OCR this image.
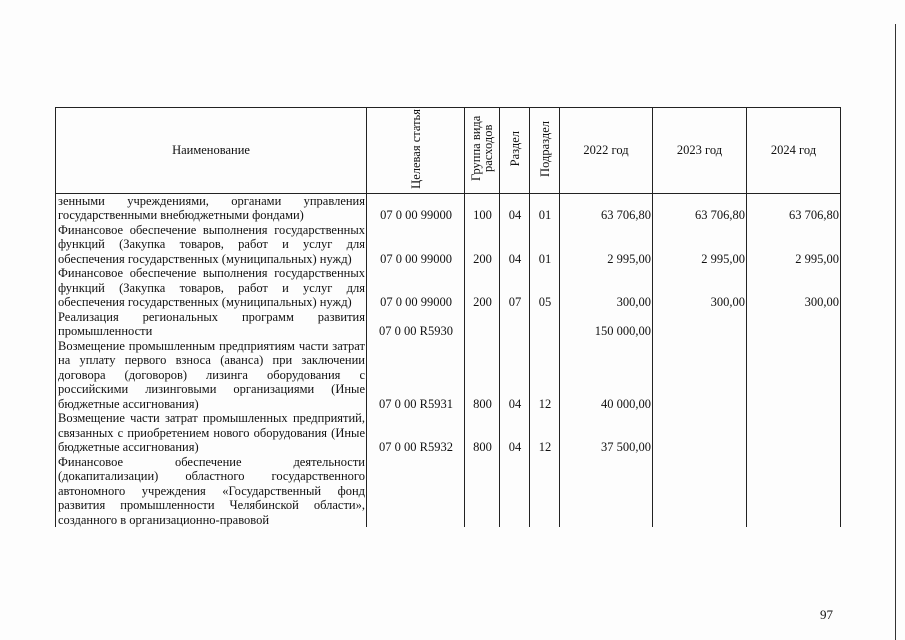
Наименование	Целевая статья	Группа вида расходов	Раздел	Подраздел	2022 год	2023 год	2024 год
зенными учреждениями, органами управления государственными внебюджетными фондами)	07 0 00 99000	100	04	01	63 706,80	63 706,80	63 706,80
Финансовое обеспечение выполнения государственных функций (Закупка товаров, работ и услуг для обеспечения государственных (муниципальных) нужд)	07 0 00 99000	200	04	01	2 995,00	2 995,00	2 995,00
Финансовое обеспечение выполнения государственных функций (Закупка товаров, работ и услуг для обеспечения государственных (муниципальных) нужд)	07 0 00 99000	200	07	05	300,00	300,00	300,00
Реализация региональных программ развития промышленности	07 0 00 R5930				150 000,00		
Возмещение промышленным предприятиям части затрат на уплату первого взноса (аванса) при заключении договора (договоров) лизинга оборудования с российскими лизинговыми организациями (Иные бюджетные ассигнования)	07 0 00 R5931	800	04	12	40 000,00		
Возмещение части затрат промышленных предприятий, связанных с приобретением нового оборудования (Иные бюджетные ассигнования)	07 0 00 R5932	800	04	12	37 500,00		
Финансовое обеспечение деятельности (докапитализации) областного государственного автономного учреждения «Государственный фонд развития промышленности Челябинской области», созданного в организационно-правовой							
97
